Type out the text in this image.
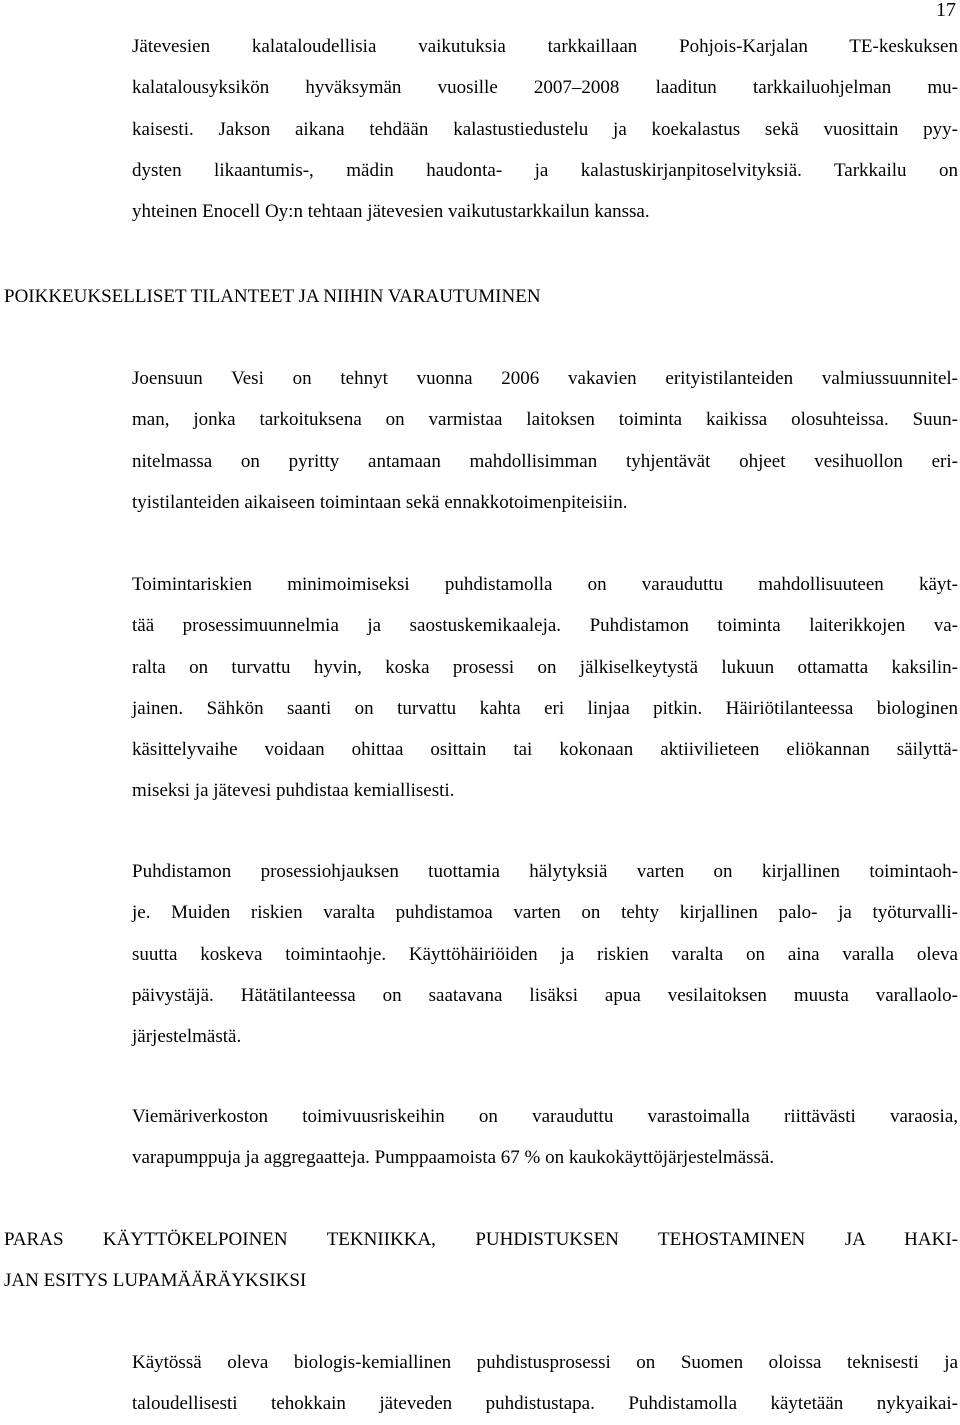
17
Jätevesien kalataloudellisia vaikutuksia tarkkaillaan Pohjois-Karjalan TE-keskuksen
kalatalousyksikön hyväksymän vuosille 2007–2008 laaditun tarkkailuohjelman mu-
kaisesti. Jakson aikana tehdään kalastustiedustelu ja koekalastus sekä vuosittain pyy-
dysten likaantumis-, mädin haudonta- ja kalastuskirjanpitoselvityksiä. Tarkkailu on
yhteinen Enocell Oy:n tehtaan jätevesien vaikutustarkkailun kanssa.
POIKKEUKSELLISET TILANTEET JA NIIHIN VARAUTUMINEN
Joensuun Vesi on tehnyt vuonna 2006 vakavien erityistilanteiden valmiussuunnitel-
man, jonka tarkoituksena on varmistaa laitoksen toiminta kaikissa olosuhteissa. Suun-
nitelmassa on pyritty antamaan mahdollisimman tyhjentävät ohjeet vesihuollon eri-
tyistilanteiden aikaiseen toimintaan sekä ennakkotoimenpiteisiin.
Toimintariskien minimoimiseksi puhdistamolla on varauduttu mahdollisuuteen käyt-
tää prosessimuunnelmia ja saostuskemikaaleja. Puhdistamon toiminta laiterikkojen va-
ralta on turvattu hyvin, koska prosessi on jälkiselkeytystä lukuun ottamatta kaksilin-
jainen. Sähkön saanti on turvattu kahta eri linjaa pitkin. Häiriötilanteessa biologinen
käsittelyvaihe voidaan ohittaa osittain tai kokonaan aktiivilieteen eliökannan säilyttä-
miseksi ja jätevesi puhdistaa kemiallisesti.
Puhdistamon prosessiohjauksen tuottamia hälytyksiä varten on kirjallinen toimintaoh-
je. Muiden riskien varalta puhdistamoa varten on tehty kirjallinen palo- ja työturvalli-
suutta koskeva toimintaohje. Käyttöhäiriöiden ja riskien varalta on aina varalla oleva
päivystäjä. Hätätilanteessa on saatavana lisäksi apua vesilaitoksen muusta varallaolo-
järjestelmästä.
Viemäriverkoston toimivuusriskeihin on varauduttu varastoimalla riittävästi varaosia,
varapumppuja ja aggregaatteja. Pumppaamoista 67 % on kaukokäyttöjärjestelmässä.
PARAS KÄYTTÖKELPOINEN TEKNIIKKA, PUHDISTUKSEN TEHOSTAMINEN JA HAKI-
JAN ESITYS LUPAMÄÄRÄYKSIKSI
Käytössä oleva biologis-kemiallinen puhdistusprosessi on Suomen oloissa teknisesti ja
taloudellisesti tehokkain jäteveden puhdistustapa. Puhdistamolla käytetään nykyaikai-
